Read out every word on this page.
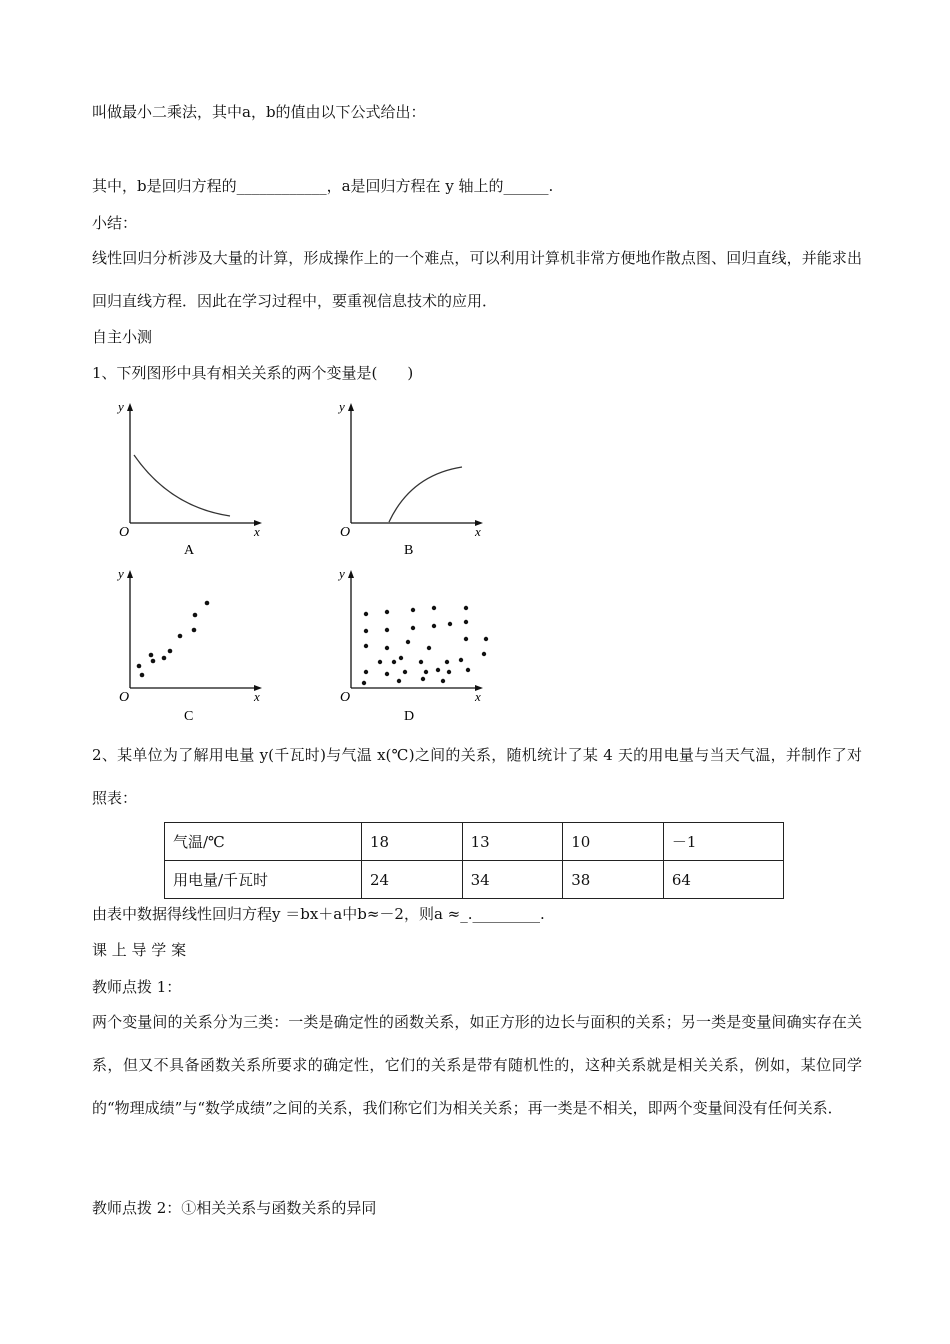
叫做最小二乘法，其中a，b的值由以下公式给出：
其中，b是回归方程的____________，a是回归方程在 y 轴上的______.
小结：
线性回归分析涉及大量的计算，形成操作上的一个难点，可以利用计算机非常方便地作散点图、回归直线，并能求出回归直线方程．因此在学习过程中，要重视信息技术的应用．
自主小测
1、下列图形中具有相关关系的两个变量是(　　)
y
x
O
A
y
x
O
B
y
x
O
C
y
x
O
D
2、某单位为了解用电量 y(千瓦时)与气温 x(℃)之间的关系，随机统计了某 4 天的用电量与当天气温，并制作了对照表：
气温/℃	18	13	10	－1
用电量/千瓦时	24	34	38	64
由表中数据得线性回归方程y ＝bx＋a中b≈－2，则a ≈_._________.
课 上 导 学 案
教师点拨 1：
两个变量间的关系分为三类：一类是确定性的函数关系，如正方形的边长与面积的关系；另一类是变量间确实存在关系，但又不具备函数关系所要求的确定性，它们的关系是带有随机性的，这种关系就是相关关系，例如，某位同学的“物理成绩”与“数学成绩”之间的关系，我们称它们为相关关系；再一类是不相关，即两个变量间没有任何关系．
教师点拨 2：①相关关系与函数关系的异同
